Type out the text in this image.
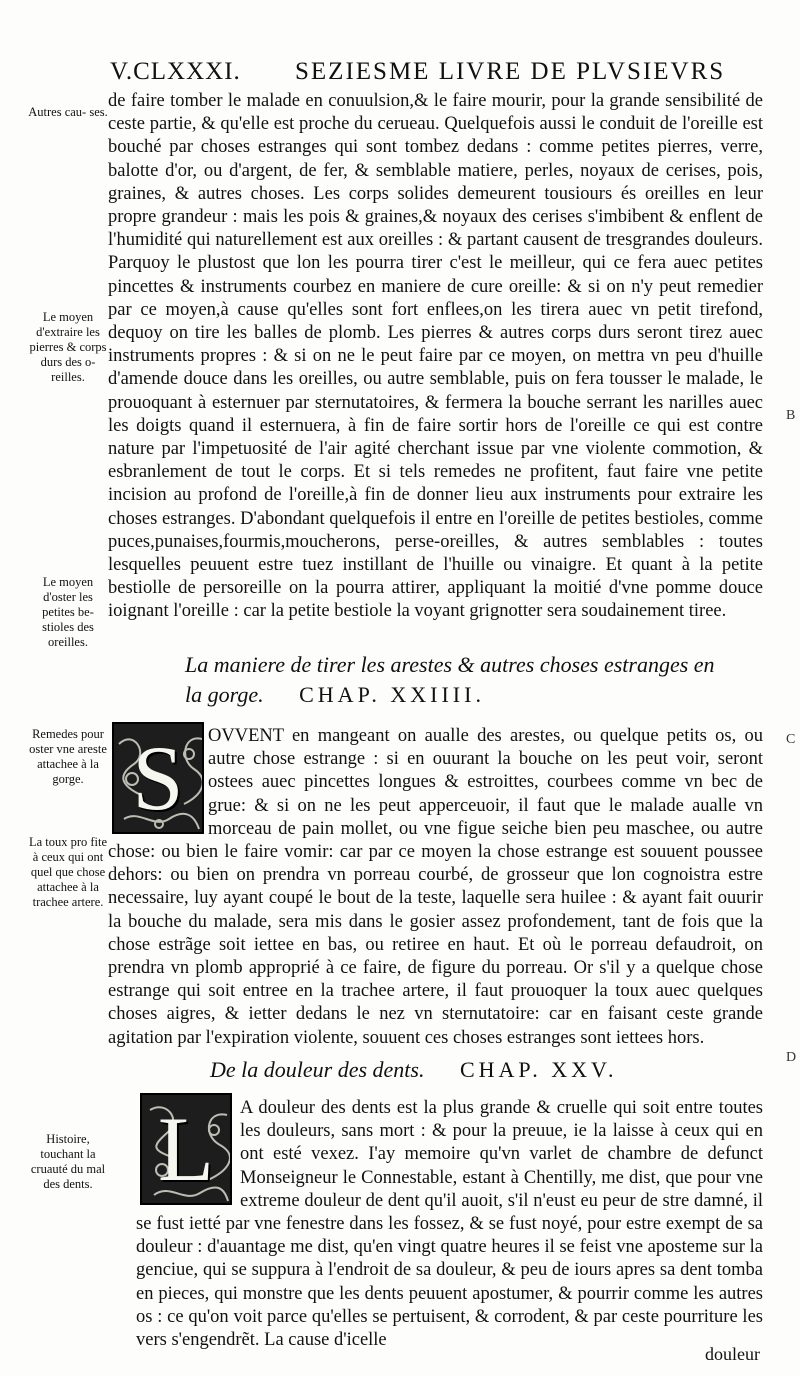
V.CLXXXI. SEZIESME LIVRE DE PLVSIEVRS
Autres cau- ses.
Le moyen d'extraire les pierres & corps durs des o- reilles.
Le moyen d'oster les petites be- stioles des oreilles.
Remedes pour oster vne areste attachee à la gorge.
La toux pro fite à ceux qui ont quel que chose attachee à la trachee artere.
Histoire, touchant la cruauté du mal des dents.

de faire tomber le malade en conuulsion,& le faire mourir, pour la grande sensibilité de ceste partie, & qu'elle est proche du cerueau. Quelquefois aussi le conduit de l'oreille est bouché par choses estranges qui sont tombez dedans : comme petites pierres, verre, balotte d'or, ou d'argent, de fer, & semblable matiere, perles, noyaux de cerises, pois, graines, & autres choses. Les corps solides demeurent tousiours és oreilles en leur propre grandeur : mais les pois & graines,& noyaux des cerises s'imbibent & enflent de l'humidité qui naturellement est aux oreilles : & partant causent de tresgrandes douleurs. Parquoy le plustost que lon les pourra tirer c'est le meilleur, qui ce fera auec petites pincettes & instruments courbez en maniere de cure oreille: & si on n'y peut remedier par ce moyen,à cause qu'elles sont fort enflees,on les tirera auec vn petit tirefond, dequoy on tire les balles de plomb. Les pierres & autres corps durs seront tirez auec instruments propres : & si on ne le peut faire par ce moyen, on mettra vn peu d'huille d'amende douce dans les oreilles, ou autre semblable, puis on fera tousser le malade, le prouoquant à esternuer par sternutatoires, & fermera la bouche serrant les narilles auec les doigts quand il esternuera, à fin de faire sortir hors de l'oreille ce qui est contre nature par l'impetuosité de l'air agité cherchant issue par vne violente commotion, & esbranlement de tout le corps. Et si tels remedes ne profitent, faut faire vne petite incision au profond de l'oreille,à fin de donner lieu aux instruments pour extraire les choses estranges. D'abondant quelquefois il entre en l'oreille de petites bestioles, comme puces,punaises,fourmis,moucherons, perse-oreilles, & autres semblables : toutes lesquelles peuuent estre tuez instillant de l'huille ou vinaigre. Et quant à la petite bestiolle de persoreille on la pourra attirer, appliquant la moitié d'vne pomme douce ioignant l'oreille : car la petite bestiole la voyant grignotter sera soudainement tiree.

La maniere de tirer les arestes & autres choses estranges en la gorge. CHAP. XXIIII.

S	OVVENT en mangeant on aualle des arestes, ou quelque petits os, ou autre chose estrange : si en ouurant la bouche on les peut voir, seront ostees auec pincettes longues & estroittes, courbees comme vn bec de grue: & si on ne les peut apperceuoir, il faut que le malade aualle vn morceau de pain mollet, ou vne figue seiche bien peu maschee, ou autre chose: ou bien le faire vomir: car par ce moyen la chose estrange est souuent poussee dehors: ou bien on prendra vn porreau courbé, de grosseur que lon cognoistra estre necessaire, luy ayant coupé le bout de la teste, laquelle sera huilee : & ayant fait ouurir la bouche du malade, sera mis dans le gosier assez profondement, tant de fois que la chose estrãge soit iettee en bas, ou retiree en haut. Et où le porreau defaudroit, on prendra vn plomb approprié à ce faire, de figure du porreau. Or s'il y a quelque chose estrange qui soit entree en la trachee artere, il faut prouoquer la toux auec quelques choses aigres, & ietter dedans le nez vn sternutatoire: car en faisant ceste grande agitation par l'expiration violente, souuent ces choses estranges sont iettees hors.

De la douleur des dents. CHAP. XXV.

L	A douleur des dents est la plus grande & cruelle qui soit entre toutes les douleurs, sans mort : & pour la preuue, ie la laisse à ceux qui en ont esté vexez. I'ay memoire qu'vn varlet de chambre de defunct Monseigneur le Connestable, estant à Chentilly, me dist, que pour vne extreme douleur de dent qu'il auoit, s'il n'eust eu peur de stre damné, il se fust ietté par vne fenestre dans les fossez, & se fust noyé, pour estre exempt de sa douleur : d'auantage me dist, qu'en vingt quatre heures il se feist vne aposteme sur la genciue, qui se suppura à l'endroit de sa douleur, & peu de iours apres sa dent tomba en pieces, qui monstre que les dents peuuent apostumer, & pourrir comme les autres os : ce qu'on voit parce qu'elles se pertuisent, & corrodent, & par ceste pourriture les vers s'engendrẽt. La cause d'icelle

douleur
B
C
D
